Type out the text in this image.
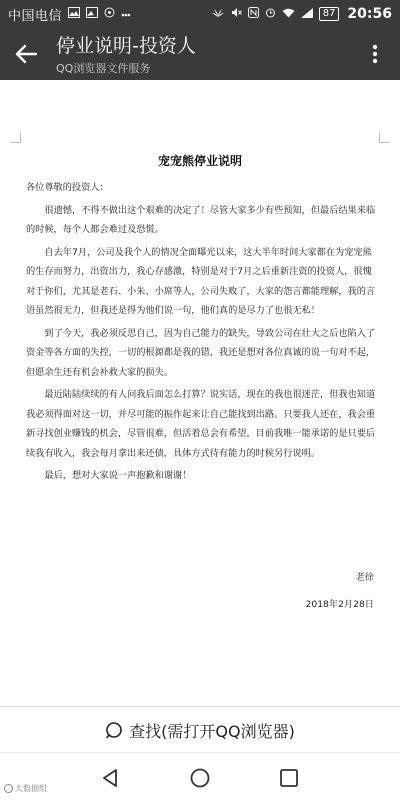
中国电信	87 20:56
停业说明-投资人
QQ浏览器文件服务
宠宠熊停业说明

各位尊敬的投资人：

很遗憾，不得不做出这个艰难的决定了！尽管大家多少有些预知，但最后结果来临的时候，每个人都会难过及恐慌。

自去年7月，公司及我个人的情况全面曝光以来，这大半年时间大家都在为宠宠熊的生存而努力，出资出力，我心存感激，特别是对于7月之后重新注资的投资人，很愧对于你们，尤其是老石、小朱、小席等人，公司失败了，大家的怨言都能理解，我的言语虽然很无力，但我还是得为他们说一句，他们真的是尽力了也很无私！

到了今天，我必须反思自己，因为自己能力的缺失，导致公司在壮大之后也陷入了资金等各方面的失控，一切的根源都是我的错，我还是想对各位真诚的说一句对不起，但愿余生还有机会补救大家的损失。

最近陆陆续续的有人问我后面怎么打算？说实话，现在的我也很迷茫，但我也知道我必须得面对这一切，并尽可能的振作起来让自己能找到出路。只要我人还在，我会重新寻找创业赚钱的机会，尽管很难，但活着总会有希望，目前我唯一能承诺的是只要后续我有收入，我会每月拿出来还债，具体方式待有能力的时候另行说明。

最后，想对大家说一声抱歉和谢谢！

老徐
2018年2月28日
查找(需打开QQ浏览器)
大数据组
